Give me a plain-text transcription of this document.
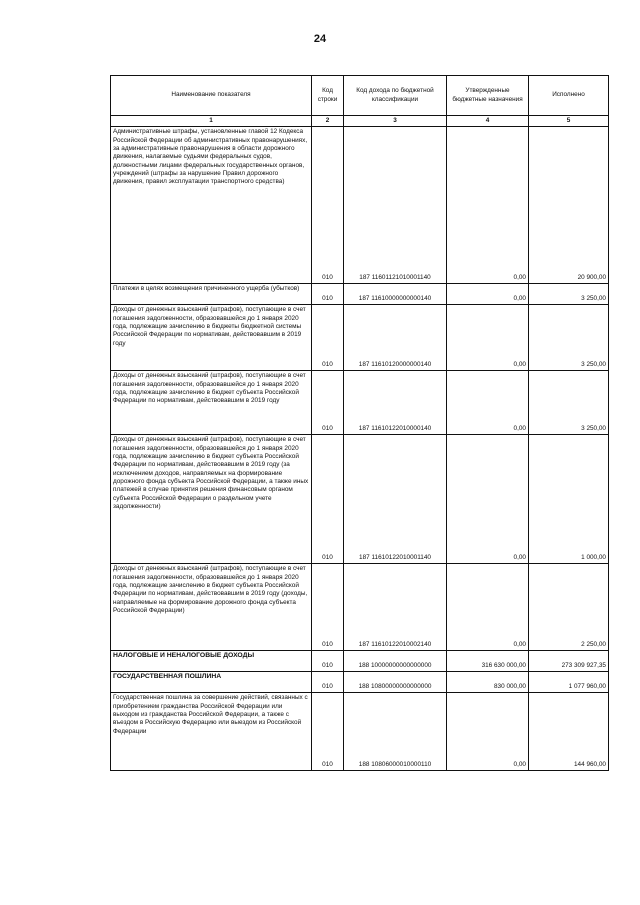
24
Наименование показателя	Код строки	Код дохода по бюджетной классификации	Утвержденные бюджетные назначения	Исполнено
1	2	3	4	5
Административные штрафы, установленные главой 12 Кодекса Российской Федерации об административных правонарушениях, за административные правонарушения в области дорожного движения, налагаемые судьями федеральных судов, должностными лицами федеральных государственных органов, учреждений (штрафы за нарушение Правил дорожного движения, правил эксплуатации транспортного средства)	010	187 11601121010001140	0,00	20 900,00
Платежи в целях возмещения причиненного ущерба (убытков)	010	187 11610000000000140	0,00	3 250,00
Доходы от денежных взысканий (штрафов), поступающие в счет погашения задолженности, образовавшейся до 1 января 2020 года, подлежащие зачислению в бюджеты бюджетной системы Российской Федерации по нормативам, действовавшим в 2019 году	010	187 11610120000000140	0,00	3 250,00
Доходы от денежных взысканий (штрафов), поступающие в счет погашения задолженности, образовавшейся до 1 января 2020 года, подлежащие зачислению в бюджет субъекта Российской Федерации по нормативам, действовавшим в 2019 году	010	187 11610122010000140	0,00	3 250,00
Доходы от денежных взысканий (штрафов), поступающие в счет погашения задолженности, образовавшейся до 1 января 2020 года, подлежащие зачислению в бюджет субъекта Российской Федерации по нормативам, действовавшим в 2019 году (за исключением доходов, направляемых на формирование дорожного фонда субъекта Российской Федерации, а также иных платежей в случае принятия решения финансовым органом субъекта Российской Федерации о раздельном учете задолженности)	010	187 11610122010001140	0,00	1 000,00
Доходы от денежных взысканий (штрафов), поступающие в счет погашения задолженности, образовавшейся до 1 января 2020 года, подлежащие зачислению в бюджет субъекта Российской Федерации по нормативам, действовавшим в 2019 году (доходы, направляемые на формирование дорожного фонда субъекта Российской Федерации)	010	187 11610122010002140	0,00	2 250,00
НАЛОГОВЫЕ И НЕНАЛОГОВЫЕ ДОХОДЫ	010	188 10000000000000000	316 630 000,00	273 309 927,35
ГОСУДАРСТВЕННАЯ ПОШЛИНА	010	188 10800000000000000	830 000,00	1 077 960,00
Государственная пошлина за совершение действий, связанных с приобретением гражданства Российской Федерации или выходом из гражданства Российской Федерации, а также с въездом в Российскую Федерацию или выездом из Российской Федерации	010	188 10806000010000110	0,00	144 960,00
